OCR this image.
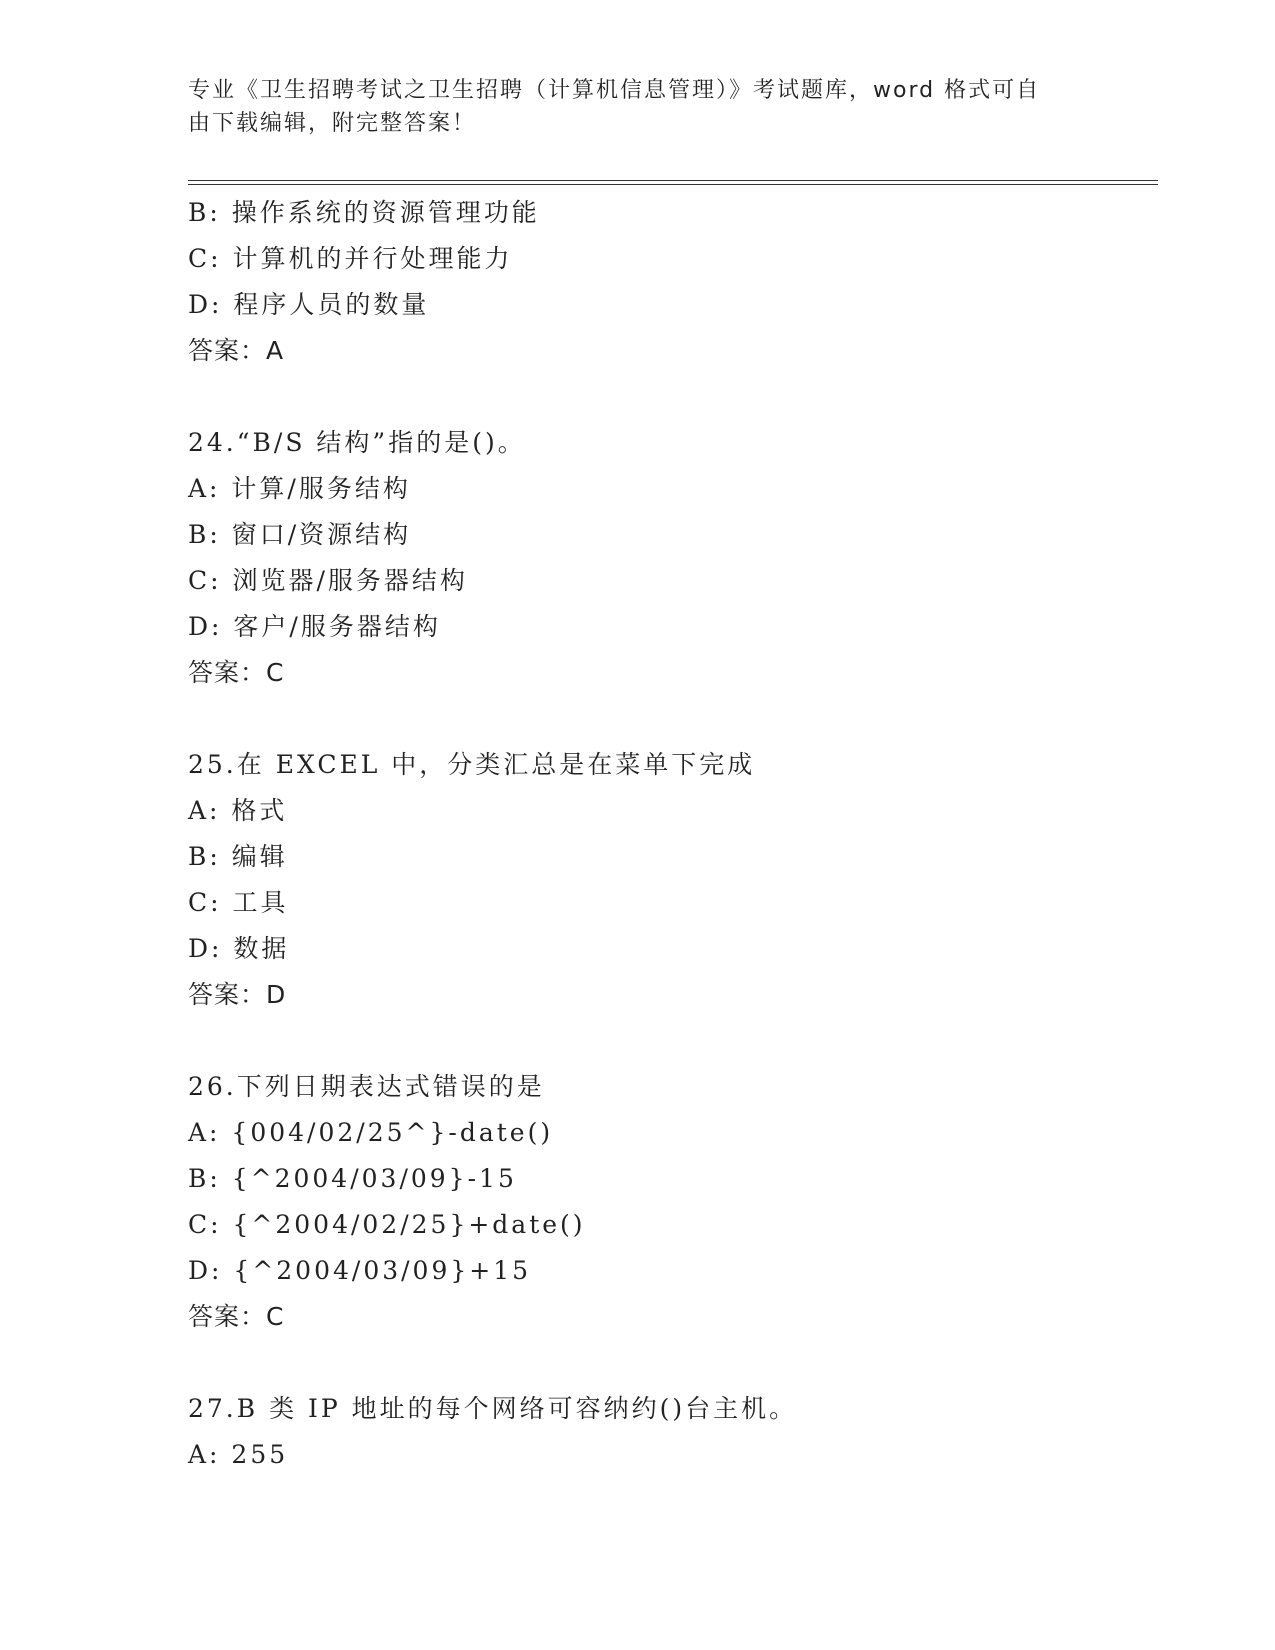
专业《卫生招聘考试之卫生招聘（计算机信息管理）》考试题库，word 格式可自
由下载编辑，附完整答案！
B: 操作系统的资源管理功能
C: 计算机的并行处理能力
D: 程序人员的数量
答案：A
24.“B/S 结构”指的是()。
A: 计算/服务结构
B: 窗口/资源结构
C: 浏览器/服务器结构
D: 客户/服务器结构
答案：C
25.在 EXCEL 中，分类汇总是在菜单下完成
A: 格式
B: 编辑
C: 工具
D: 数据
答案：D
26.下列日期表达式错误的是
A: {004/02/25^}-date()
B: {^2004/03/09}-15
C: {^2004/02/25}+date()
D: {^2004/03/09}+15
答案：C
27.B 类 IP 地址的每个网络可容纳约()台主机。
A: 255
